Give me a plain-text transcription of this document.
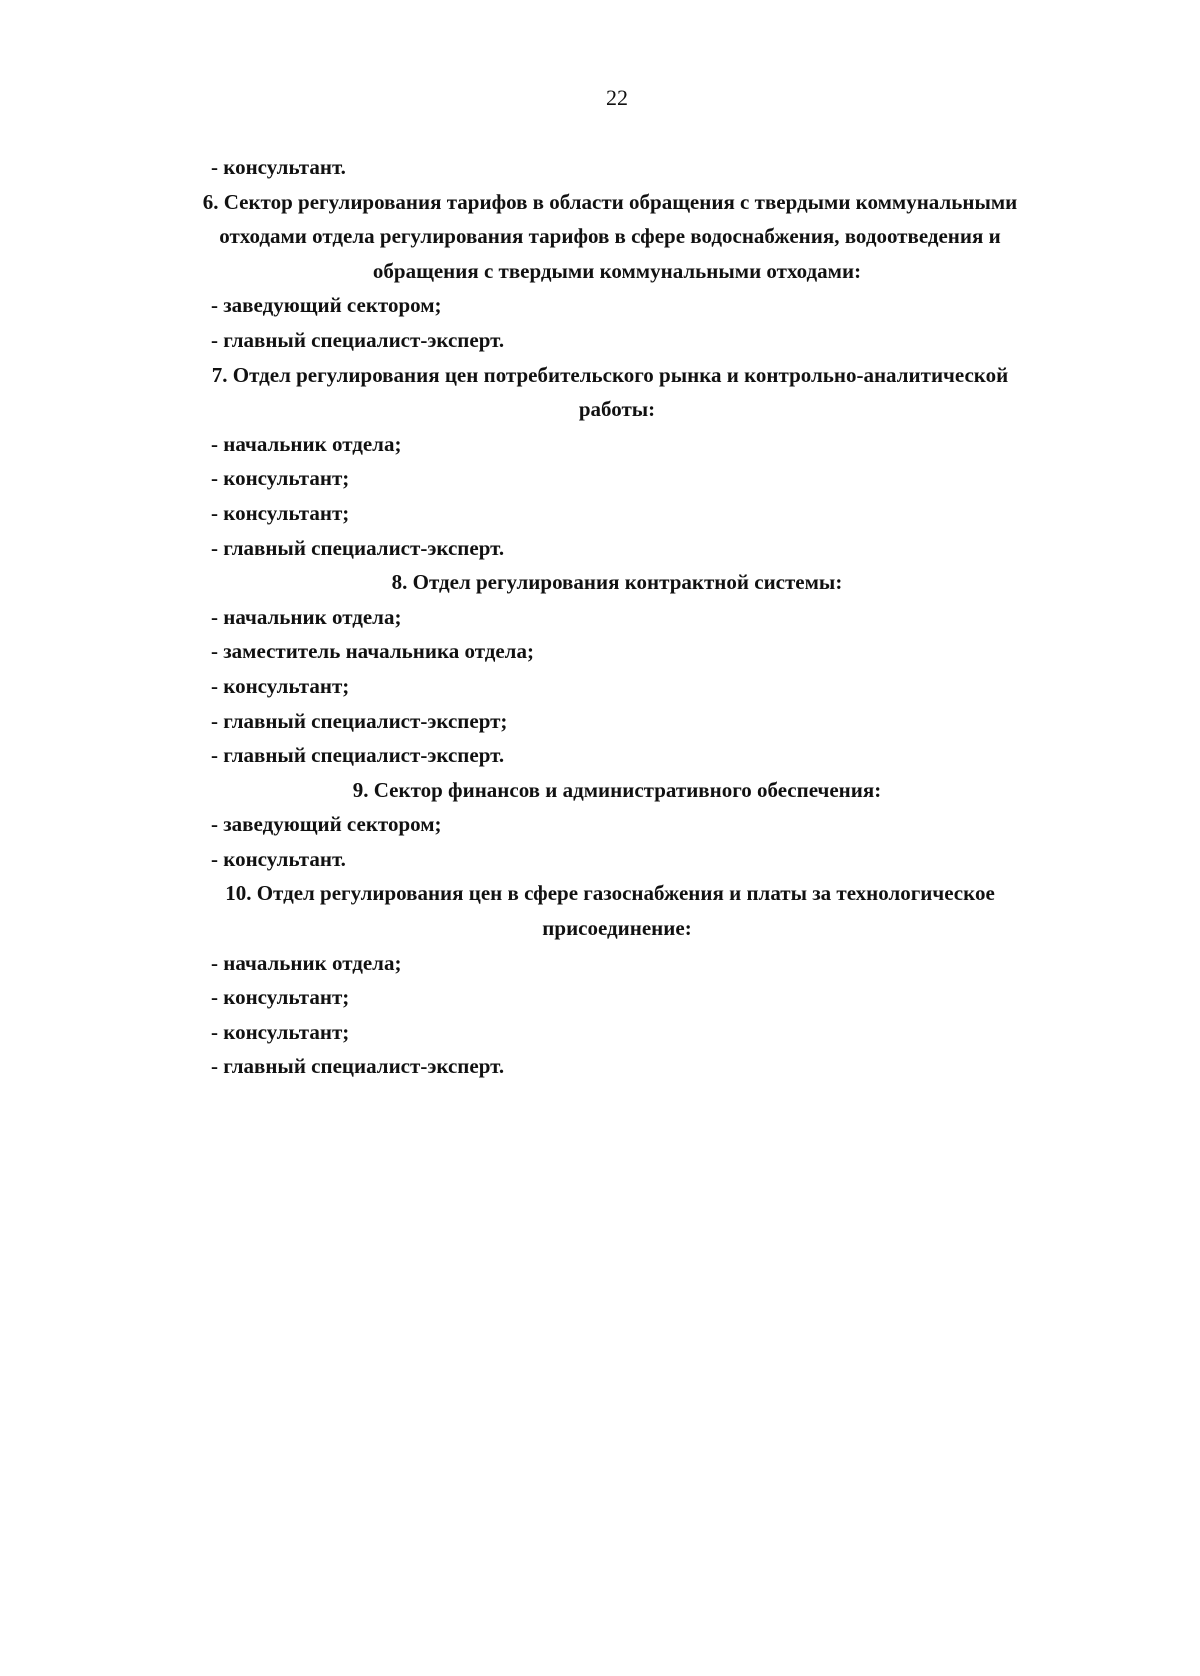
22
- консультант.
6. Сектор регулирования тарифов в области обращения с твердыми коммунальными
отходами отдела регулирования тарифов в сфере водоснабжения, водоотведения и
обращения с твердыми коммунальными отходами:
- заведующий сектором;
- главный специалист-эксперт.
7. Отдел регулирования цен потребительского рынка и контрольно-аналитической
работы:
- начальник отдела;
- консультант;
- консультант;
- главный специалист-эксперт.
8. Отдел регулирования контрактной системы:
- начальник отдела;
- заместитель начальника отдела;
- консультант;
- главный специалист-эксперт;
- главный специалист-эксперт.
9. Сектор финансов и административного обеспечения:
- заведующий сектором;
- консультант.
10. Отдел регулирования цен в сфере газоснабжения и платы за технологическое
присоединение:
- начальник отдела;
- консультант;
- консультант;
- главный специалист-эксперт.
